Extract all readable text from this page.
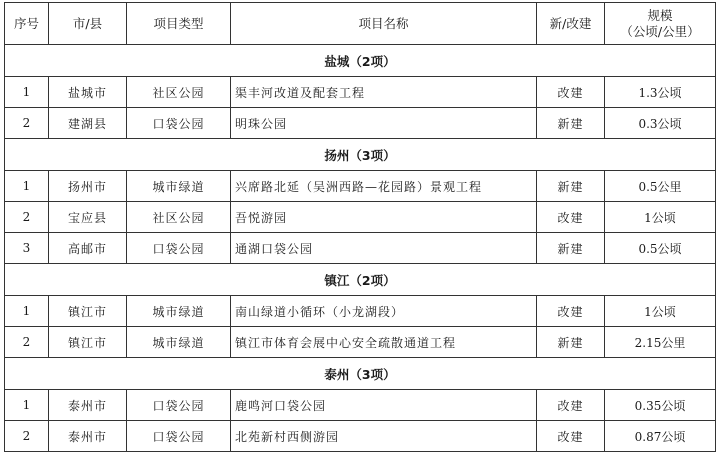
序号	市/县	项目类型	项目名称	新/改建	规模
（公顷/公里）

盐城（2项）					
1	盐城市	社区公园	渠丰河改道及配套工程	改建	1.3公顷
2	建湖县	口袋公园	明珠公园	新建	0.3公顷
扬州（3项）					
1	扬州市	城市绿道	兴席路北延（吴洲西路—花园路）景观工程	新建	0.5公里
2	宝应县	社区公园	吾悦游园	改建	1公顷
3	高邮市	口袋公园	通湖口袋公园	新建	0.5公顷
镇江（2项）					
1	镇江市	城市绿道	南山绿道小循环（小龙湖段）	改建	1公顷
2	镇江市	城市绿道	镇江市体育会展中心安全疏散通道工程	新建	2.15公里
泰州（3项）					
1	泰州市	口袋公园	鹿鸣河口袋公园	改建	0.35公顷
2	泰州市	口袋公园	北苑新村西侧游园	改建	0.87公顷
